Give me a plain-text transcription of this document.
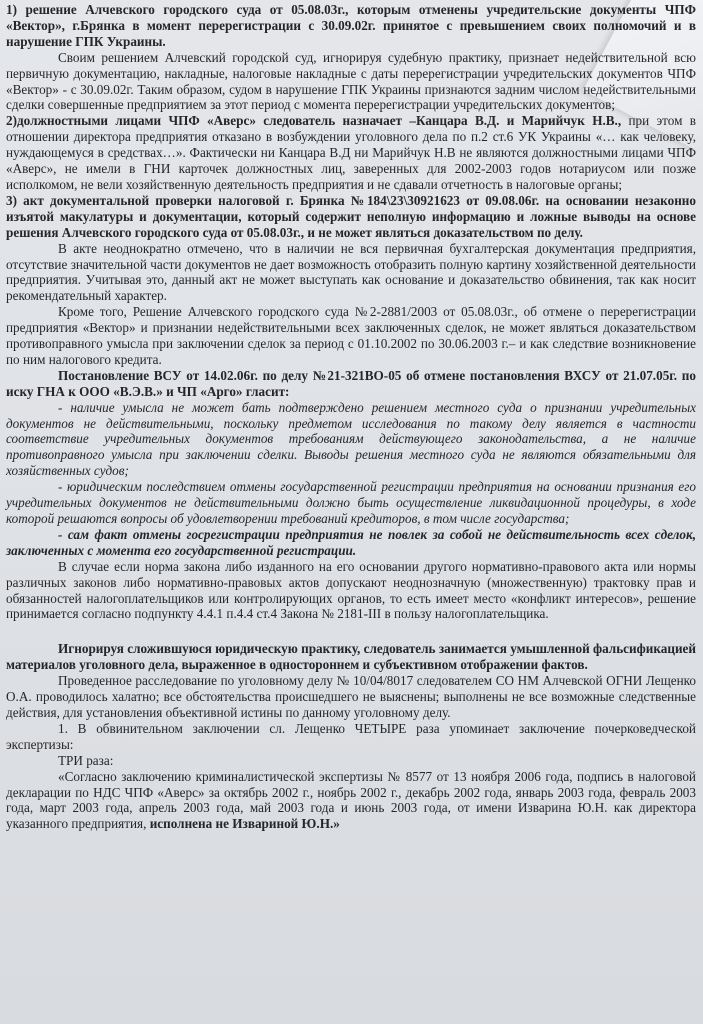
1) решение Алчевского городского суда от 05.08.03г., которым отменены учредительские документы ЧПФ «Вектор», г.Брянка в момент перерегистрации с 30.09.02г. принятое с превышением своих полномочий и в нарушение ГПК Украины.

Своим решением Алчевский городской суд, игнорируя судебную практику, признает недействительной всю первичную документацию, накладные, налоговые накладные с даты перерегистрации учредительских документов ЧПФ «Вектор» - с 30.09.02г. Таким образом, судом в нарушение ГПК Украины признаются задним числом недействительными сделки совершенные предприятием за этот период с момента перерегистрации учредительских документов;

2)должностными лицами ЧПФ «Аверс» следователь назначает –Канцара В.Д. и Марийчук Н.В., при этом в отношении директора предприятия отказано в возбуждении уголовного дела по п.2 ст.6 УК Украины «… как человеку, нуждающемуся в средствах…». Фактически ни Канцара В.Д ни Марийчук Н.В не являются должностными лицами ЧПФ «Аверс», не имели в ГНИ карточек должностных лиц, заверенных для 2002-2003 годов нотариусом или позже исполкомом, не вели хозяйственную деятельность предприятия и не сдавали отчетность в налоговые органы;

3) акт документальной проверки налоговой г. Брянка №184\23\30921623 от 09.08.06г. на основании незаконно изъятой макулатуры и документации, который содержит неполную информацию и ложные выводы на основе решения Алчевского городского суда от 05.08.03г., и не может являться доказательством по делу.

В акте неоднократно отмечено, что в наличии не вся первичная бухгалтерская документация предприятия, отсутствие значительной части документов не дает возможность отобразить полную картину хозяйственной деятельности предприятия. Учитывая это, данный акт не может выступать как основание и доказательство обвинения, так как носит рекомендательный характер.

Кроме того, Решение Алчевского городского суда №2-2881/2003 от 05.08.03г., об отмене о перерегистрации предприятия «Вектор» и признании недействительными всех заключенных сделок, не может являться доказательством противоправного умысла при заключении сделок за период с 01.10.2002 по 30.06.2003 г.– и как следствие возникновение по ним налогового кредита.

Постановление ВСУ от 14.02.06г. по делу №21-321ВО-05 об отмене постановления ВХСУ от 21.07.05г. по иску ГНА к ООО «В.Э.В.» и ЧП «Арго» гласит:

- наличие умысла не может бать подтверждено решением местного суда о признании учредительных документов не действительными, поскольку предметом исследования по такому делу является в частности соответствие учредительных документов требованиям действующего законодательства, а не наличие противоправного умысла при заключении сделки. Выводы решения местного суда не являются обязательными для хозяйственных судов;

- юридическим последствием отмены государственной регистрации предприятия на основании признания его учредительных документов не действительными должно быть осуществление ликвидационной процедуры, в ходе которой решаются вопросы об удовлетворении требований кредиторов, в том числе государства;

- сам факт отмены госрегистрации предприятия не повлек за собой не действительность всех сделок, заключенных с момента его государственной регистрации.

В случае если норма закона либо изданного на его основании другого нормативно-правового акта или нормы различных законов либо нормативно-правовых актов допускают неоднозначную (множественную) трактовку прав и обязанностей налогоплательщиков или контролирующих органов, то есть имеет место «конфликт интересов», решение принимается согласно подпункту 4.4.1 п.4.4 ст.4 Закона № 2181-III в пользу налогоплательщика.

Игнорируя сложившуюся юридическую практику, следователь занимается умышленной фальсификацией материалов уголовного дела, выраженное в одностороннем и субъективном отображении фактов.

Проведенное расследование по уголовному делу № 10/04/8017 следователем СО НМ Алчевской ОГНИ Лещенко О.А. проводилось халатно; все обстоятельства происшедшего не выяснены; выполнены не все возможные следственные действия, для установления объективной истины по данному уголовному делу.

1. В обвинительном заключении сл. Лещенко ЧЕТЫРЕ раза упоминает заключение почерковедческой экспертизы:

ТРИ раза:

«Согласно заключению криминалистической экспертизы № 8577 от 13 ноября 2006 года, подпись в налоговой декларации по НДС ЧПФ «Аверс» за октябрь 2002 г., ноябрь 2002 г., декабрь 2002 года, январь 2003 года, февраль 2003 года, март 2003 года, апрель 2003 года, май 2003 года и июнь 2003 года, от имени Изварина Ю.Н. как директора указанного предприятия, исполнена не Извариной Ю.Н.»
